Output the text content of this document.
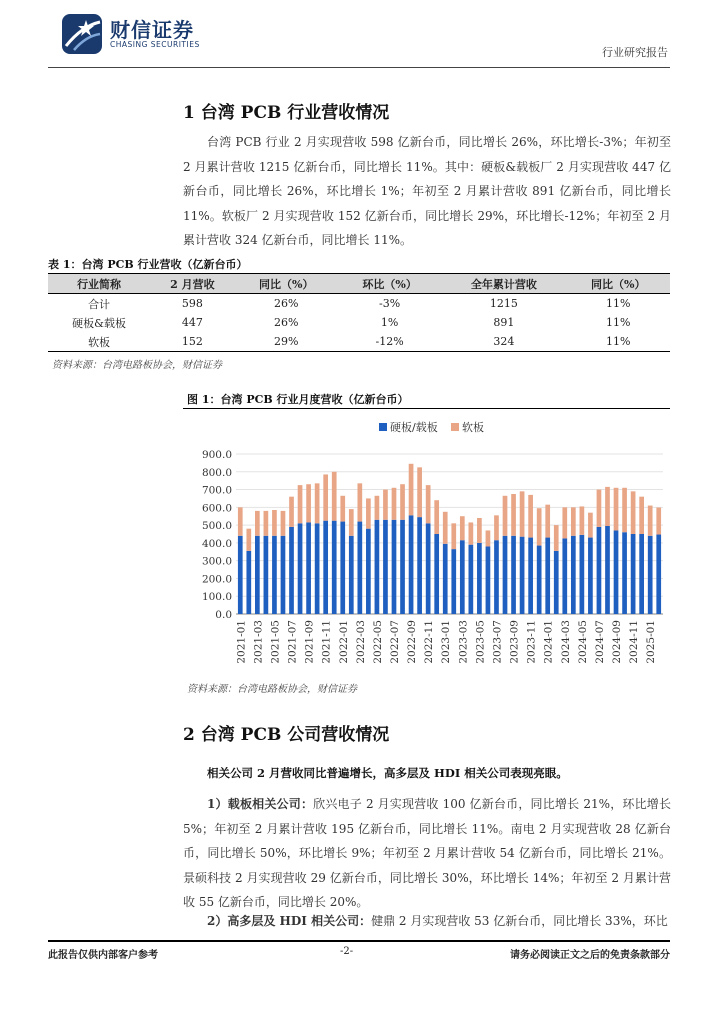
财信证券
CHASING SECURITIES
行业研究报告
1 台湾 PCB 行业营收情况

台湾 PCB 行业 2 月实现营收 598 亿新台币，同比增长 26%，环比增长-3%；年初至 2 月累计营收 1215 亿新台币，同比增长 11%。其中：硬板&载板厂 2 月实现营收 447 亿新台币，同比增长 26%，环比增长 1%；年初至 2 月累计营收 891 亿新台币，同比增长 11%。软板厂 2 月实现营收 152 亿新台币，同比增长 29%，环比增长-12%；年初至 2 月累计营收 324 亿新台币，同比增长 11%。

表 1：台湾 PCB 行业营收（亿新台币）
行业简称	2 月营收	同比（%）	环比（%）	全年累计营收	同比（%）
合计	598	26%	-3%	1215	11%
硬板&载板	447	26%	1%	891	11%
软板	152	29%	-12%	324	11%
资料来源：台湾电路板协会，财信证券
图 1：台湾 PCB 行业月度营收（亿新台币）
硬板/载板 软板
0.0
100.0
200.0
300.0
400.0
500.0
600.0
700.0
800.0
900.0
2021-01 2021-03 2021-05 2021-07 2021-09 2021-11 2022-01 2022-03 2022-05 2022-07 2022-09 2022-11 2023-01 2023-03 2023-05 2023-07 2023-09 2023-11 2024-01 2024-03 2024-05 2024-07 2024-09 2024-11 2025-01
资料来源：台湾电路板协会，财信证券
2 台湾 PCB 公司营收情况
相关公司 2 月营收同比普遍增长，高多层及 HDI 相关公司表现亮眼。

1）载板相关公司：欣兴电子 2 月实现营收 100 亿新台币，同比增长 21%，环比增长 5%；年初至 2 月累计营收 195 亿新台币，同比增长 11%。南电 2 月实现营收 28 亿新台币，同比增长 50%，环比增长 9%；年初至 2 月累计营收 54 亿新台币，同比增长 21%。景硕科技 2 月实现营收 29 亿新台币，同比增长 30%，环比增长 14%；年初至 2 月累计营收 55 亿新台币，同比增长 20%。

2）高多层及 HDI 相关公司：健鼎 2 月实现营收 53 亿新台币，同比增长 33%，环比

此报告仅供内部客户参考	-2-	请务必阅读正文之后的免责条款部分
